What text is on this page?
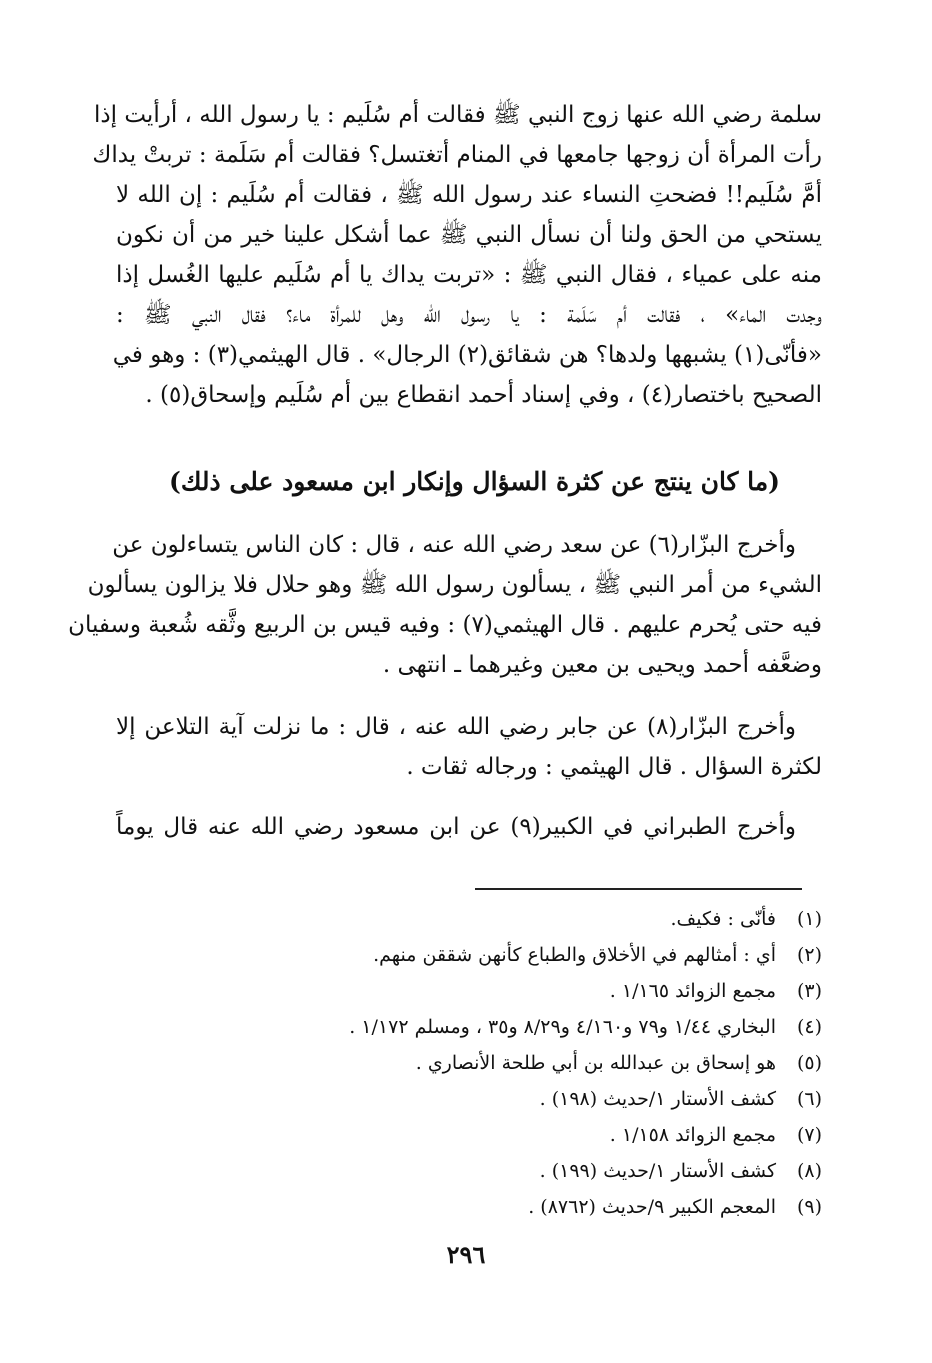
سلمة رضي الله عنها زوج النبي ﷺ فقالت أم سُلَيم : يا رسول الله ، أرأيت إذا
رأت المرأة أن زوجها جامعها في المنام أتغتسل؟ فقالت أم سَلَمة : تربتْ يداك
أمَّ سُلَيم!! فضحتِ النساء عند رسول الله ﷺ ، فقالت أم سُلَيم : إن الله لا
يستحي من الحق ولنا أن نسأل النبي ﷺ عما أشكل علينا خير من أن نكون
منه على عمياء ، فقال النبي ﷺ : «تربت يداك يا أم سُلَيم عليها الغُسل إذا
وجدت الماء» ، فقالت أم سَلَمة : يا رسول الله وهل للمرأة ماء؟ فقال النبي ﷺ :
«فأنّى(١) يشبهها ولدها؟ هن شقائق(٢) الرجال» . قال الهيثمي(٣) : وهو في
الصحيح باختصار(٤) ، وفي إسناد أحمد انقطاع بين أم سُلَيم وإسحاق(٥) .
(ما كان ينتج عن كثرة السؤال وإنكار ابن مسعود على ذلك)
وأخرج البزّار(٦) عن سعد رضي الله عنه ، قال : كان الناس يتساءلون عن
الشيء من أمر النبي ﷺ ، يسألون رسول الله ﷺ وهو حلال فلا يزالون يسألون
فيه حتى يُحرم عليهم . قال الهيثمي(٧) : وفيه قيس بن الربيع وثَّقه شُعبة وسفيان
وضعَّفه أحمد ويحيى بن معين وغيرهما ـ انتهى .
وأخرج البزّار(٨) عن جابر رضي الله عنه ، قال : ما نزلت آية التلاعن إلا
لكثرة السؤال . قال الهيثمي : ورجاله ثقات .
وأخرج الطبراني في الكبير(٩) عن ابن مسعود رضي الله عنه قال يوماً
(١)فأنّى : فكيف.
(٢)أي : أمثالهم في الأخلاق والطباع كأنهن شققن منهم.
(٣)مجمع الزوائد ١/١٦٥ .
(٤)البخاري ١/٤٤ و٧٩ و٤/١٦٠ و٨/٢٩ و٣٥ ، ومسلم ١/١٧٢ .
(٥)هو إسحاق بن عبدالله بن أبي طلحة الأنصاري .
(٦)كشف الأستار ١/حديث (١٩٨) .
(٧)مجمع الزوائد ١/١٥٨ .
(٨)كشف الأستار ١/حديث (١٩٩) .
(٩)المعجم الكبير ٩/حديث (٨٧٦٢) .
٢٩٦
